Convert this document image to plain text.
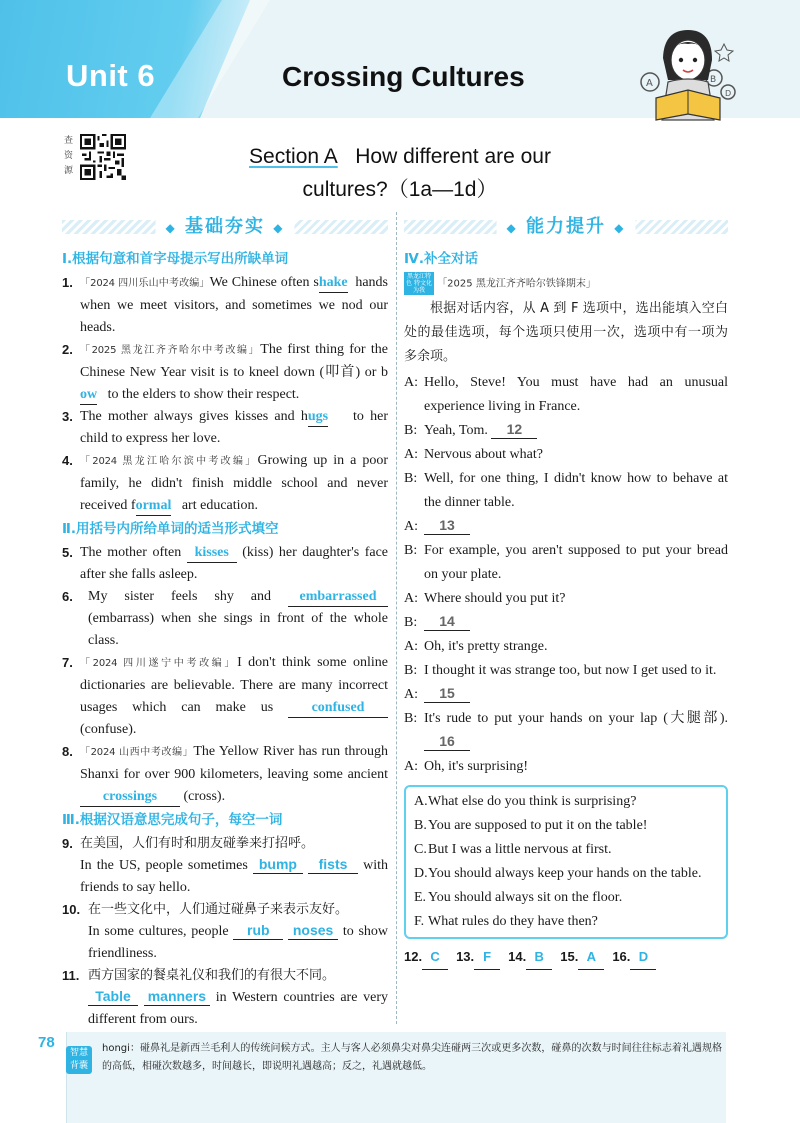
Unit 6	Crossing Cultures	A	B
D
查
资
源
Section A How different are our
cultures?（1a—1d）
◆ 基础夯实 ◆
Ⅰ.根据句意和首字母提示写出所缺单词
1 .	「2024 四川乐山中考改编」We Chinese often shake hands when we meet visitors, and sometimes we nod our heads.
2 .	「2025 黑龙江齐齐哈尔中考改编」The first thing for the Chinese New Year visit is to kneel down (叩首) or bow to the elders to show their respect.
3 . The mother always gives kisses and hugs to her child to express her love.
4 .	「2024 黑龙江哈尔滨中考改编」Growing up in a poor family, he didn't finish middle school and never received formal art education.
Ⅱ.用括号内所给单词的适当形式填空
5 . The mother often kisses (kiss) her daughter's face after she falls asleep.
6 . My sister feels shy and embarrassed (embarrass) when she sings in front of the whole class.
7 .	「2024 四川遂宁中考改编」I don't think some online dictionaries are believable. There are many incorrect usages which can make us	confused (confuse).
8 .	「2024 山西中考改编」The Yellow River has run through Shanxi for over 900 kilometers, leaving some ancient crossings (cross).
Ⅲ.根据汉语意思完成句子，每空一词
9 . 在美国，人们有时和朋友碰拳来打招呼。
In the US, people sometimes bump fists with friends to say hello.
10 . 在一些文化中，人们通过碰鼻子来表示友好。
In some cultures, people rub noses to show friendliness.
11 . 西方国家的餐桌礼仪和我们的有很大不同。
Table manners in Western countries are very different from ours.
◆ 能力提升 ◆
Ⅳ.补全对话
黑龙江特色 特文化为我 「2025 黑龙江齐齐哈尔铁锋期末」
根据对话内容，从 A 到 F 选项中，选出能填入空白处的最佳选项，每个选项只使用一次，选项中有一项为多余项。
A: Hello, Steve! You must have had an unusual experience living in France.
B: Yeah, Tom. 12
A: Nervous about what?
B: Well, for one thing, I didn't know how to behave at the dinner table.
A: 13
B: For example, you aren't supposed to put your bread on your plate.
A: Where should you put it?
B: 14
A: Oh, it's pretty strange.
B: I thought it was strange too, but now I get used to it.
A: 15
B: It's rude to put your hands on your lap (大腿部). 16
A: Oh, it's surprising!
A. What else do you think is surprising?
B. You are supposed to put it on the table!
C. But I was a little nervous at first.
D. You should always keep your hands on the table.
E. You should always sit on the floor.
F. What rules do they have then?
12. C 13. F 14. B 15. A 16. D
78
智慧背囊
hongi：碰鼻礼是新西兰毛利人的传统问候方式。主人与客人必须鼻尖对鼻尖连碰两三次或更多次数，碰鼻的次数与时间往往标志着礼遇规格的高低，相碰次数越多，时间越长，即说明礼遇越高；反之，礼遇就越低。
